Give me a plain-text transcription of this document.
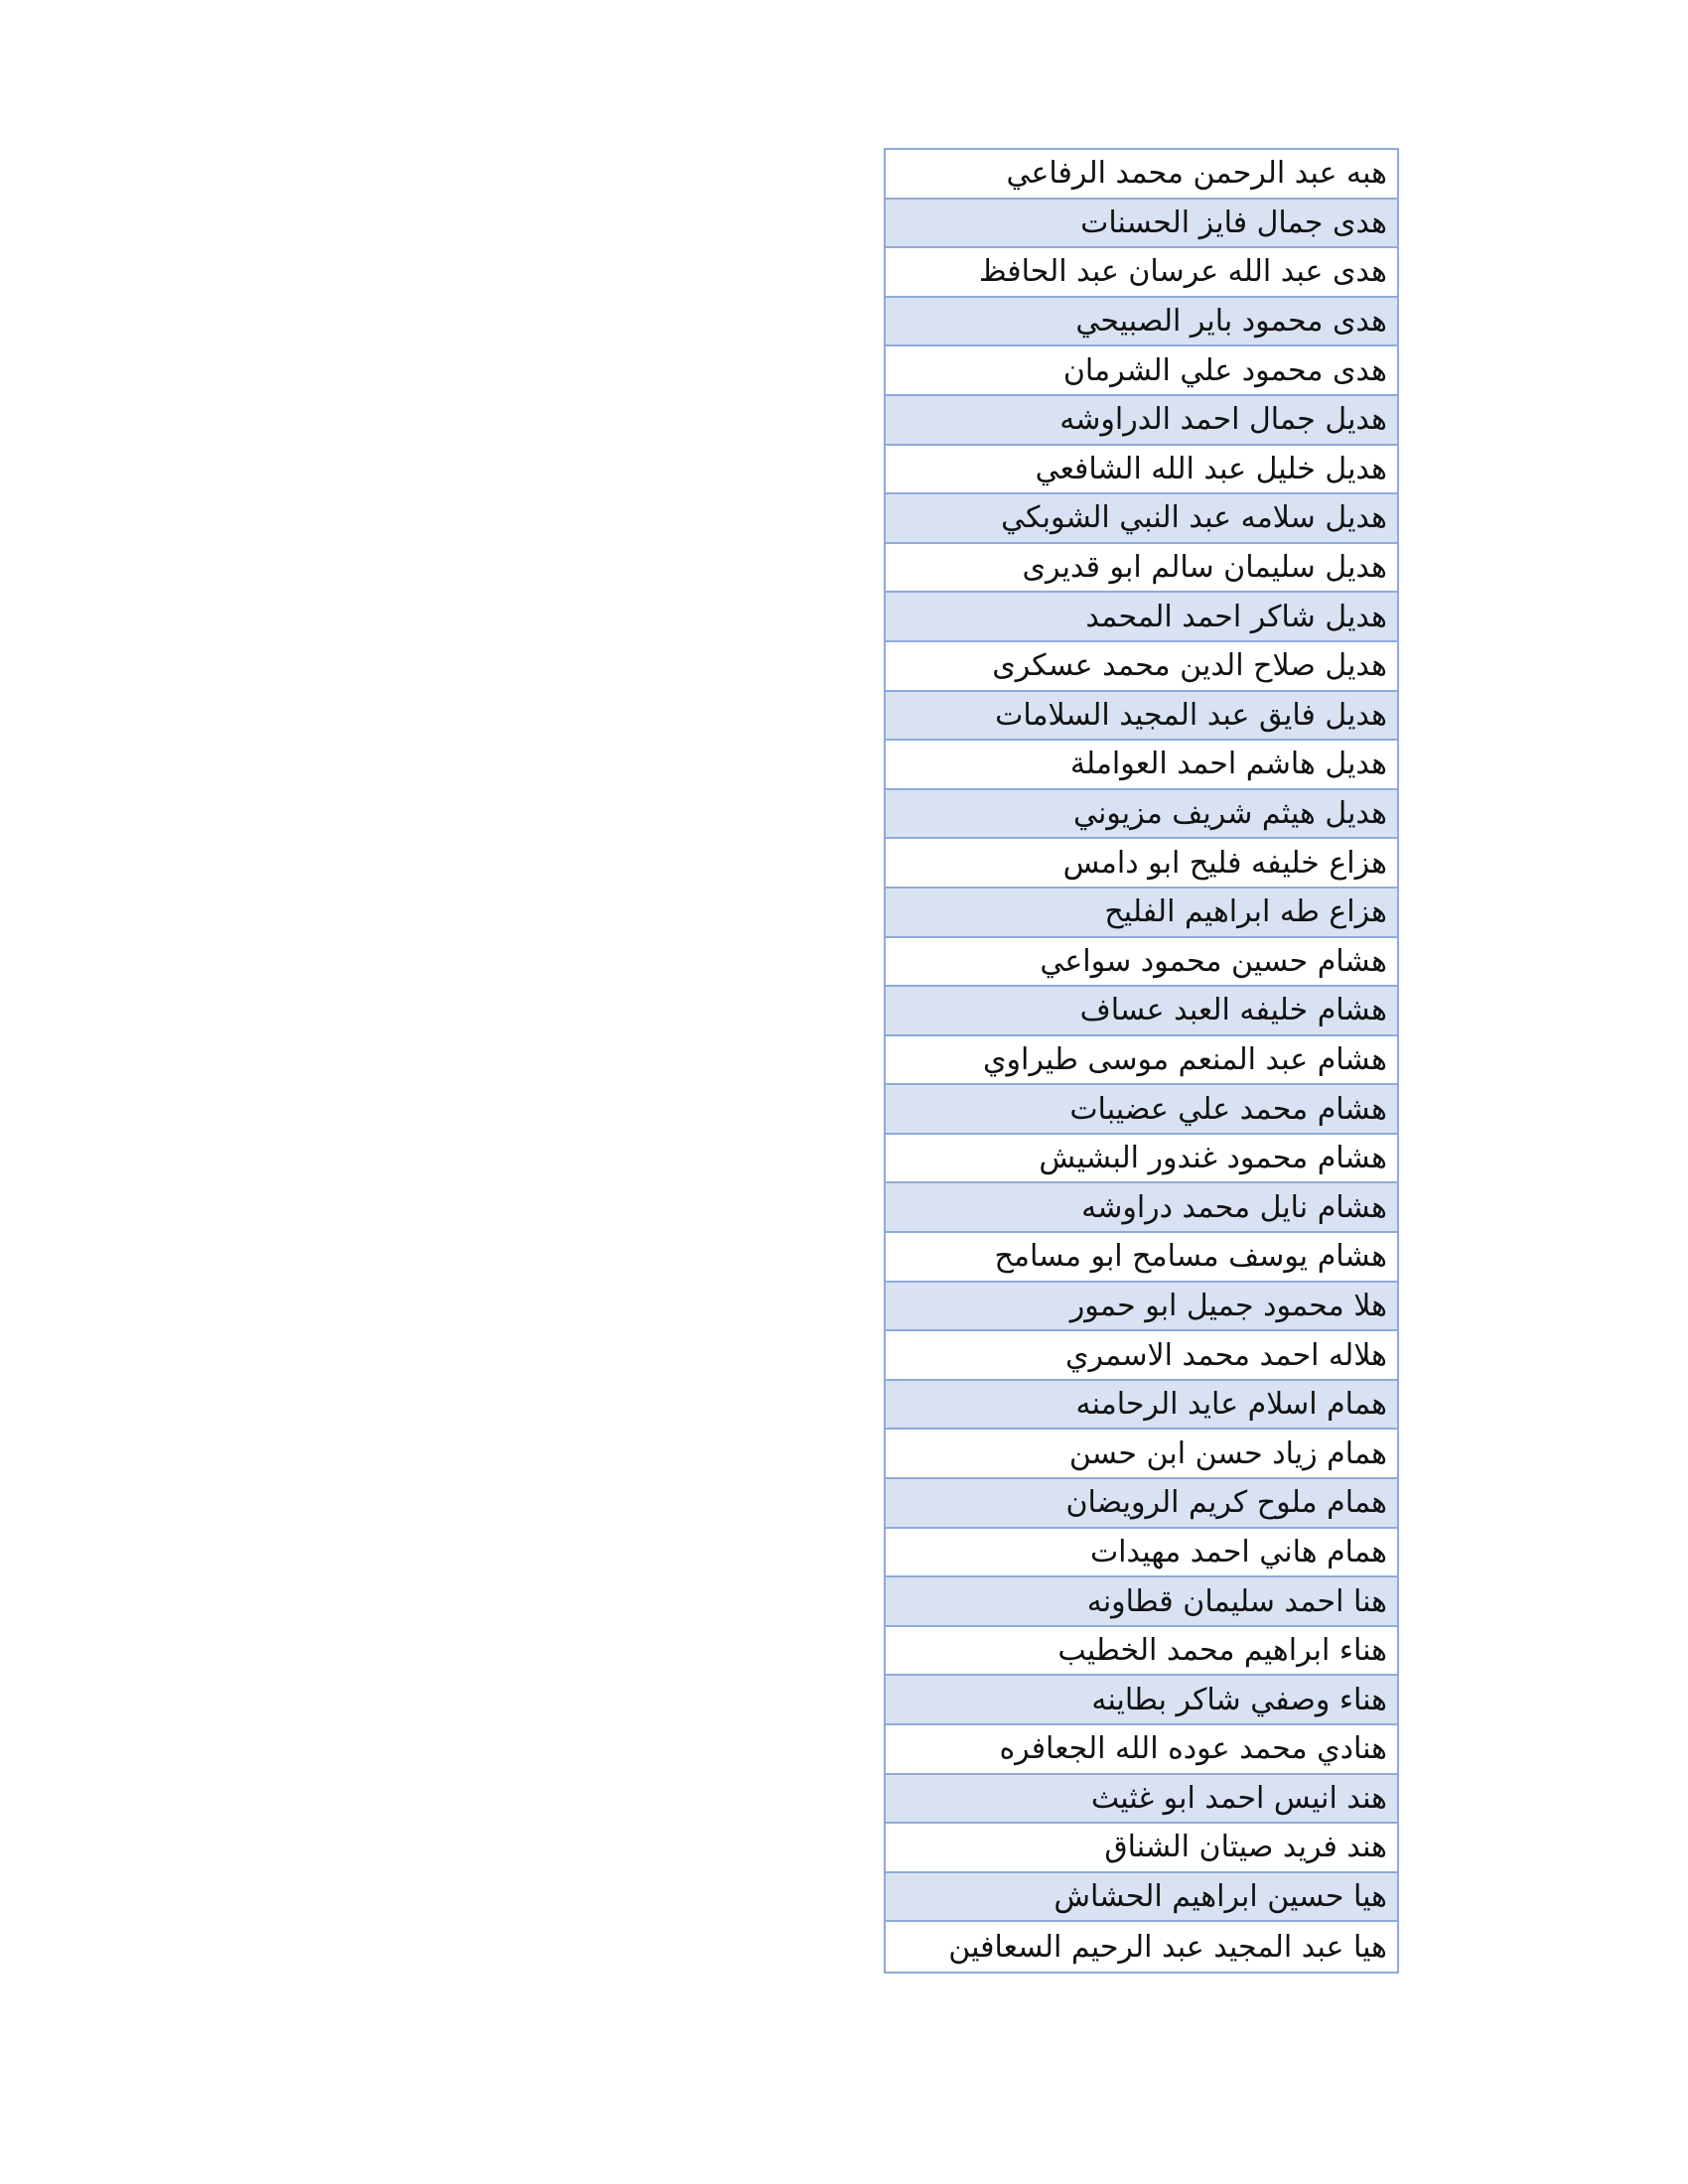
هبه عبد الرحمن محمد الرفاعي
هدى جمال فايز الحسنات
هدى عبد الله عرسان عبد الحافظ
هدى محمود باير الصبيحي
هدى محمود علي الشرمان
هديل جمال احمد الدراوشه
هديل خليل عبد الله الشافعي
هديل سلامه عبد النبي الشوبكي
هديل سليمان سالم ابو قديرى
هديل شاكر احمد المحمد
هديل صلاح الدين محمد عسكرى
هديل فايق عبد المجيد السلامات
هديل هاشم احمد العواملة
هديل هيثم شريف مزيوني
هزاع خليفه فليح ابو دامس
هزاع طه ابراهيم الفليح
هشام حسين محمود سواعي
هشام خليفه العبد عساف
هشام عبد المنعم موسى طيراوي
هشام محمد علي عضيبات
هشام محمود غندور البشيش
هشام نايل محمد دراوشه
هشام يوسف مسامح ابو مسامح
هلا محمود جميل ابو حمور
هلاله احمد محمد الاسمري
همام اسلام عايد الرحامنه
همام زياد حسن ابن حسن
همام ملوح كريم الرويضان
همام هاني احمد مهيدات
هنا احمد سليمان قطاونه
هناء ابراهيم محمد الخطيب
هناء وصفي شاكر بطاينه
هنادي محمد عوده الله الجعافره
هند انيس احمد ابو غثيث
هند فريد صيتان الشناق
هيا حسين ابراهيم الحشاش
هيا عبد المجيد عبد الرحيم السعافين
